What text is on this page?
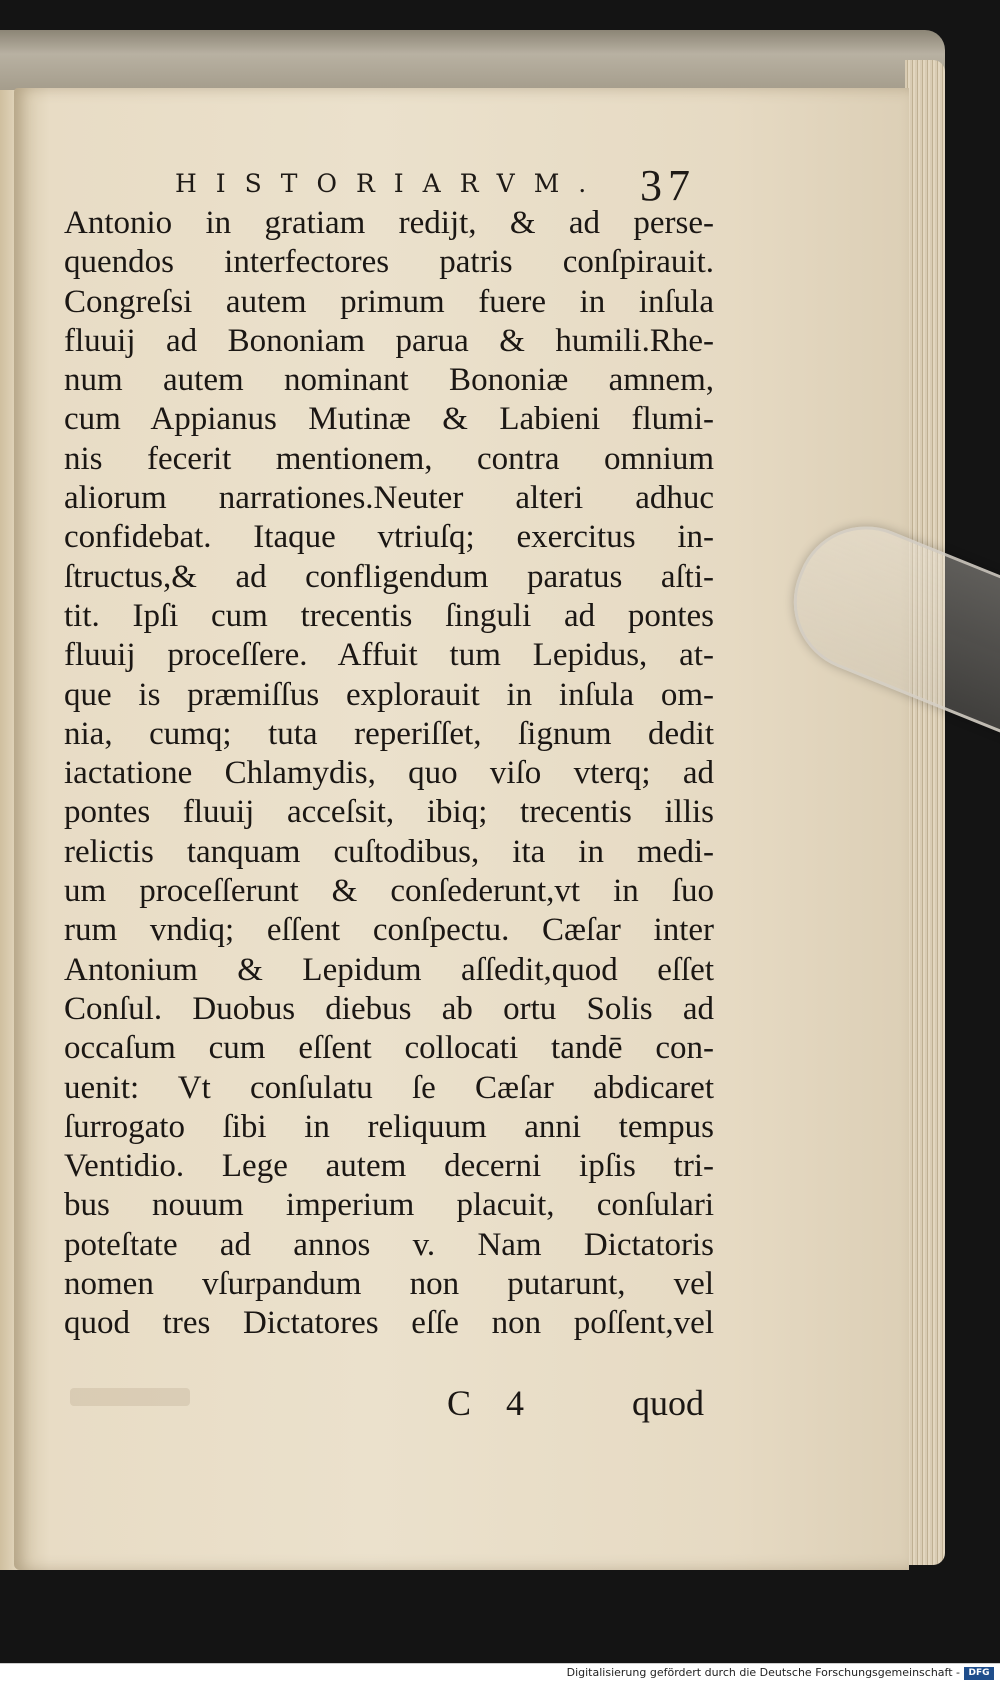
HISTORIARVM. 37
Antonio in gratiam redijt, & ad perse-
quendos interfectores patris conſpirauit.
Congreſsi autem primum fuere in inſula
fluuij ad Bononiam parua & humili.Rhe-
num autem nominant Bononiæ amnem,
cum Appianus Mutinæ & Labieni flumi-
nis fecerit mentionem, contra omnium
aliorum narrationes.Neuter alteri adhuc
confidebat. Itaque vtriuſq; exercitus in-
ſtructus,& ad confligendum paratus aſti-
tit. Ipſi cum trecentis ſinguli ad pontes
fluuij proceſſere. Affuit tum Lepidus, at-
que is præmiſſus explorauit in inſula om-
nia, cumq; tuta reperiſſet, ſignum dedit
iactatione Chlamydis, quo viſo vterq; ad
pontes fluuij acceſsit, ibiq; trecentis illis
relictis tanquam cuſtodibus, ita in medi-
um proceſſerunt & conſederunt,vt in ſuo
rum vndiq; eſſent conſpectu. Cæſar inter
Antonium & Lepidum aſſedit,quod eſſet
Conſul. Duobus diebus ab ortu Solis ad
occaſum cum eſſent collocati tandē con-
uenit: Vt conſulatu ſe Cæſar abdicaret
ſurrogato ſibi in reliquum anni tempus
Ventidio. Lege autem decerni ipſis tri-
bus nouum imperium placuit, conſulari
poteſtate ad annos v. Nam Dictatoris
nomen vſurpandum non putarunt, vel
quod tres Dictatores eſſe non poſſent,vel
C 4	quod
Digitalisierung gefördert durch die Deutsche Forschungsgemeinschaft - DFG
